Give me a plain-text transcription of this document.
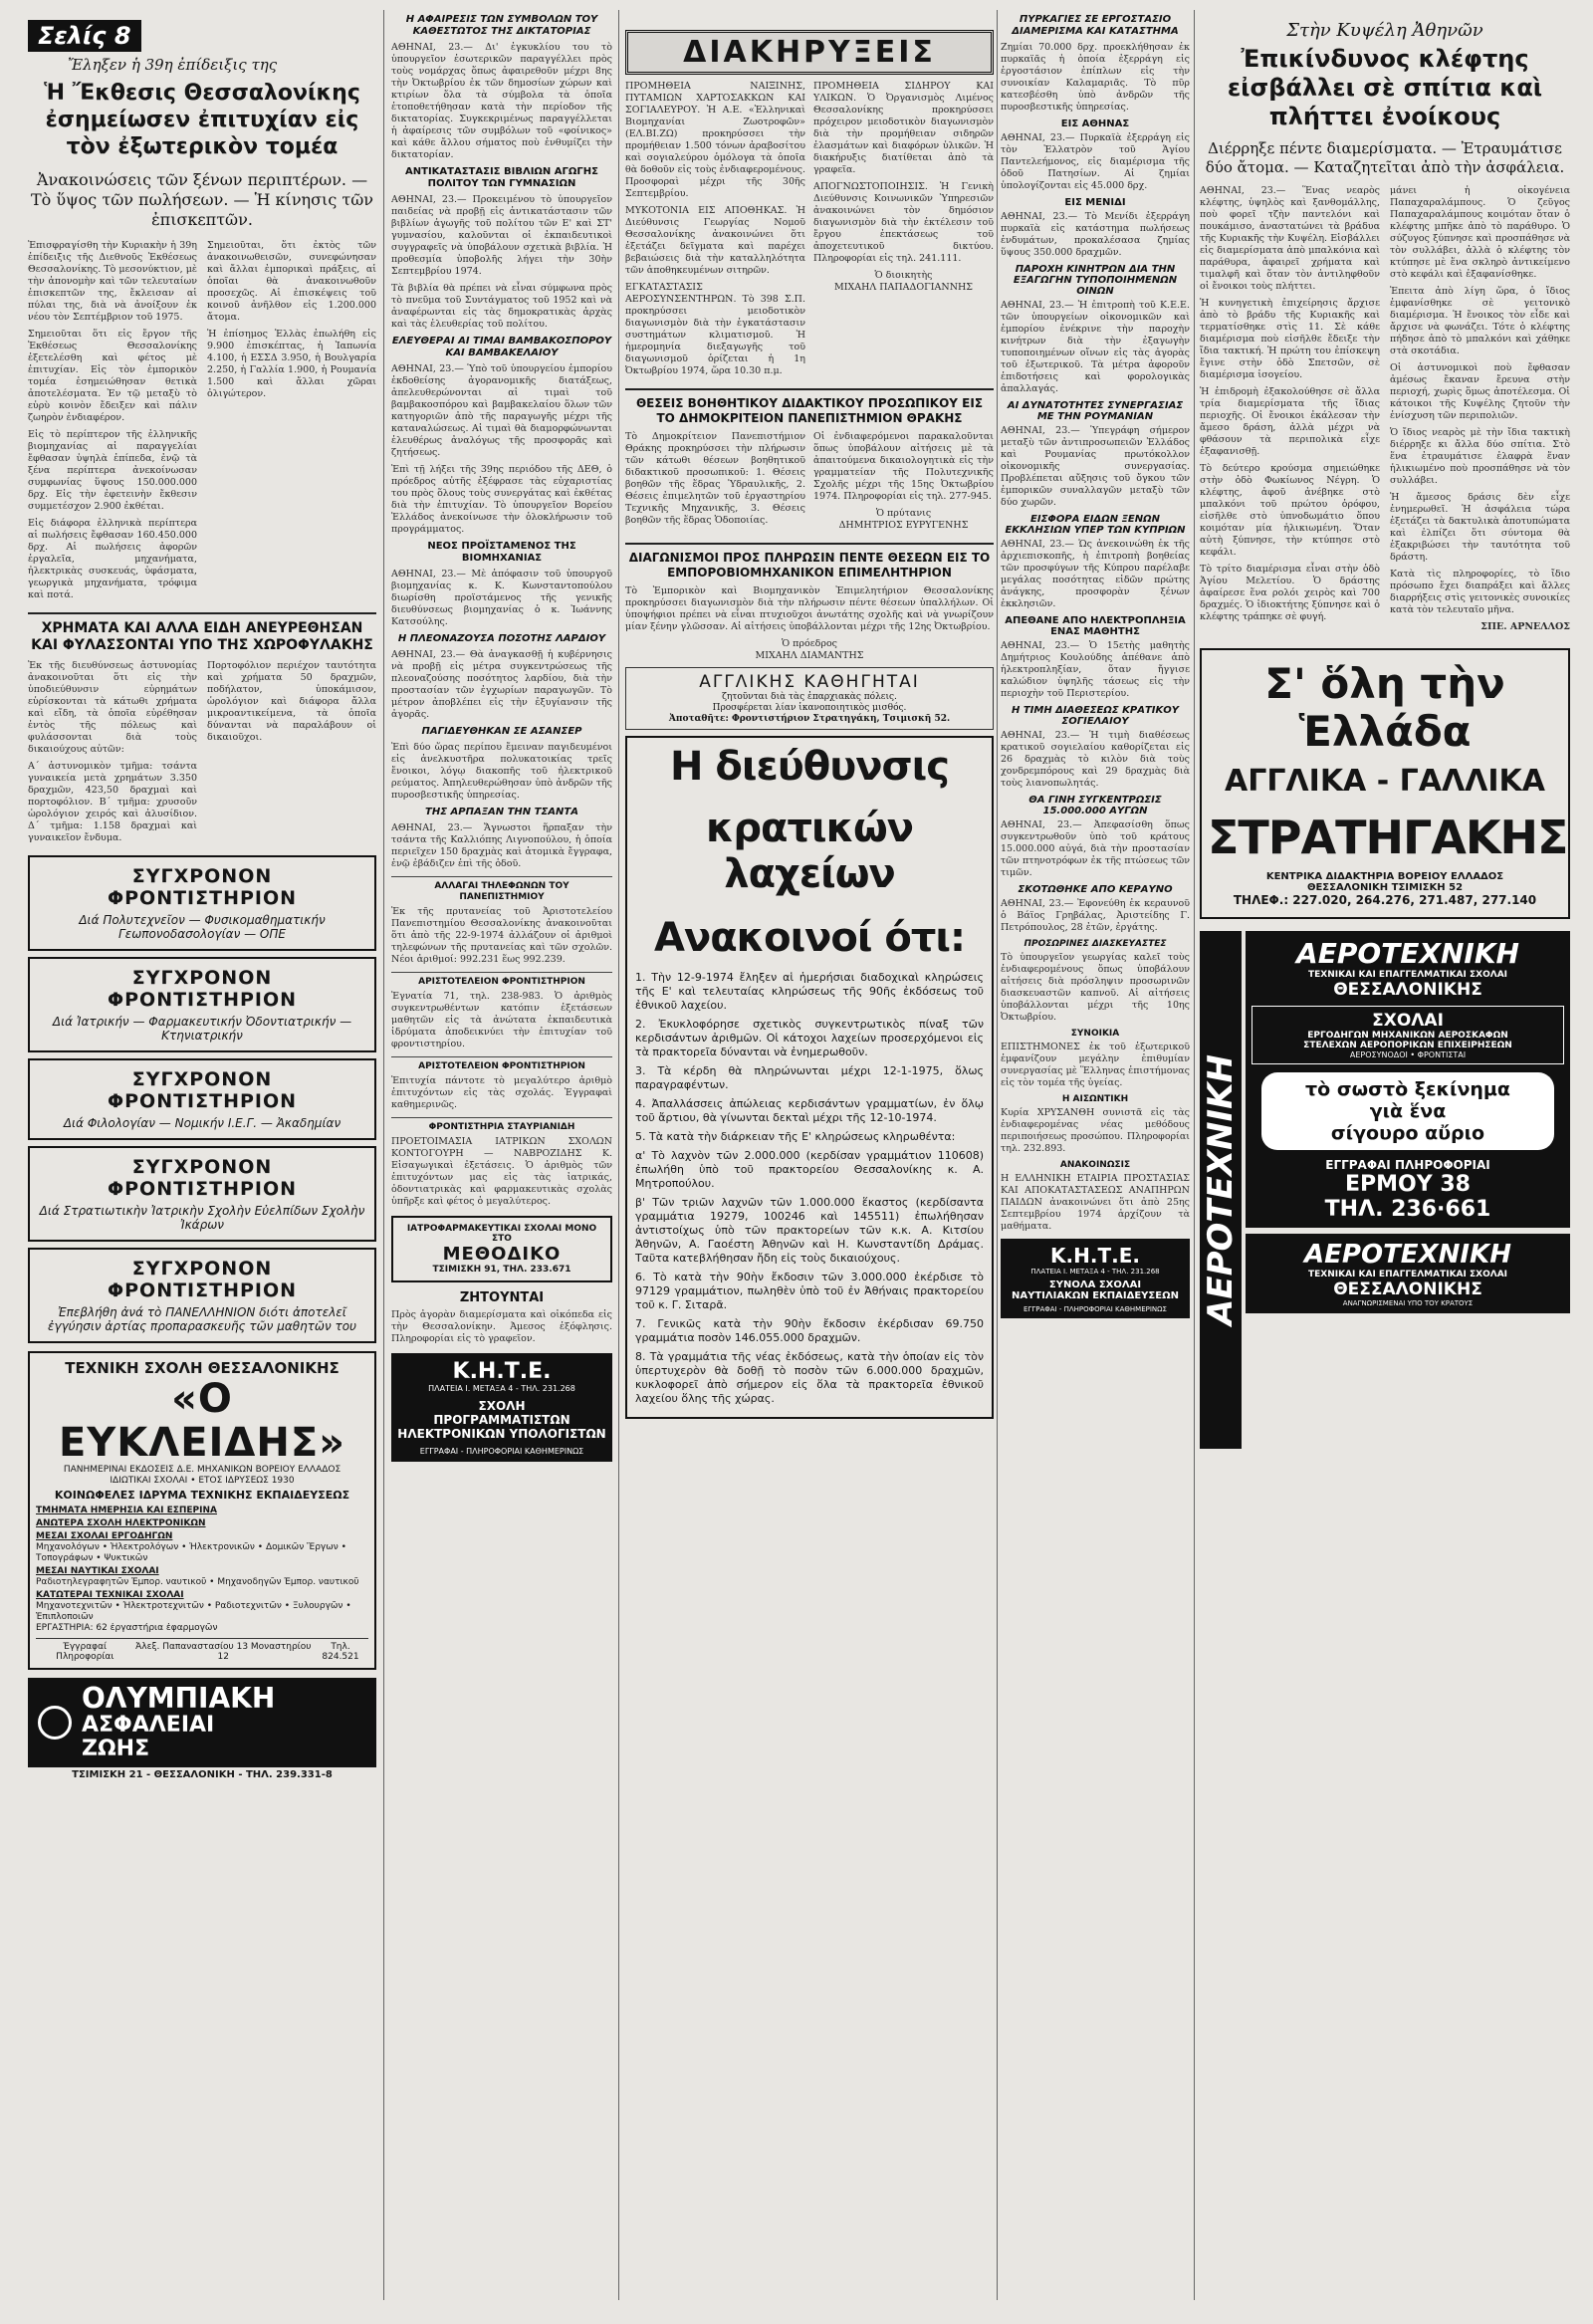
Σελίς 8
Ἔληξεν ἡ 39η ἐπίδειξις της
Ἡ Ἔκθεσις Θεσσαλονίκης ἐσημείωσεν ἐπιτυχίαν εἰς τὸν ἐξωτερικὸν τομέα
Ἀνακοινώσεις τῶν ξένων περιπτέρων. — Τὸ ὕψος τῶν πωλήσεων. — Ἡ κίνησις τῶν ἐπισκεπτῶν.

Ἐπισφραγίσθη τὴν Κυριακὴν ἡ 39η ἐπίδειξις τῆς Διεθνοῦς Ἐκθέσεως Θεσσαλονίκης. Τὸ μεσονύκτιον, μὲ τὴν ἀπονομὴν καὶ τῶν τελευταίων ἐπισκεπτῶν της, ἔκλεισαν αἱ πύλαι της, διὰ νὰ ἀνοίξουν ἐκ νέου τὸν Σεπτέμβριον τοῦ 1975.

Σημειοῦται ὅτι εἰς ἔργον τῆς Ἐκθέσεως Θεσσαλονίκης ἐξετελέσθη καὶ φέτος μὲ ἐπιτυχίαν. Εἰς τὸν ἐμπορικὸν τομέα ἐσημειώθησαν θετικὰ ἀποτελέσματα. Ἐν τῷ μεταξὺ τὸ εὐρὺ κοινὸν ἔδειξεν καὶ πάλιν ζωηρὸν ἐνδιαφέρον.

Εἰς τὸ περίπτερον τῆς ἑλληνικῆς βιομηχανίας αἱ παραγγελίαι ἔφθασαν ὑψηλὰ ἐπίπεδα, ἐνῷ τὰ ξένα περίπτερα ἀνεκοίνωσαν συμφωνίας ὕψους 150.000.000 δρχ. Εἰς τὴν ἐφετεινὴν ἔκθεσιν συμμετέσχον 2.900 ἐκθέται.

Εἰς διάφορα ἑλληνικὰ περίπτερα αἱ πωλήσεις ἔφθασαν 160.450.000 δρχ. Αἱ πωλήσεις ἀφορῶν ἐργαλεῖα, μηχανήματα, ἠλεκτρικὰς συσκευάς, ὑφάσματα, γεωργικὰ μηχανήματα, τρόφιμα καὶ ποτά.

Σημειοῦται, ὅτι ἐκτὸς τῶν ἀνακοινωθεισῶν, συνεφώνησαν καὶ ἄλλαι ἐμπορικαὶ πράξεις, αἱ ὁποῖαι θὰ ἀνακοινωθοῦν προσεχῶς. Αἱ ἐπισκέψεις τοῦ κοινοῦ ἀνῆλθον εἰς 1.200.000 ἄτομα.

Ἡ ἐπίσημος Ἑλλὰς ἐπωλήθη εἰς 9.900 ἐπισκέπτας, ἡ Ἰαπωνία 4.100, ἡ ΕΣΣΔ 3.950, ἡ Βουλγαρία 2.250, ἡ Γαλλία 1.900, ἡ Ρουμανία 1.500 καὶ ἄλλαι χῶραι ὀλιγώτερον.

ΧΡΗΜΑΤΑ ΚΑΙ ΑΛΛΑ ΕΙΔΗ ΑΝΕΥΡΕΘΗΣΑΝ ΚΑΙ ΦΥΛΑΣΣΟΝΤΑΙ ΥΠΟ ΤΗΣ ΧΩΡΟΦΥΛΑΚΗΣ

Ἐκ τῆς διευθύνσεως ἀστυνομίας ἀνακοινοῦται ὅτι εἰς τὴν ὑποδιεύθυνσιν εὑρημάτων εὑρίσκονται τὰ κάτωθι χρήματα καὶ εἴδη, τὰ ὁποῖα εὑρέθησαν ἐντὸς τῆς πόλεως καὶ φυλάσσονται διὰ τοὺς δικαιούχους αὐτῶν:

Α΄ ἀστυνομικὸν τμῆμα: τσάντα γυναικεία μετὰ χρημάτων 3.350 δραχμῶν, 423,50 δραχμαὶ καὶ πορτοφόλιον. Β΄ τμῆμα: χρυσοῦν ὡρολόγιον χειρός καὶ ἀλυσίδιον. Δ΄ τμῆμα: 1.158 δραχμαὶ καὶ γυναικεῖον ἔνδυμα.

Πορτοφόλιον περιέχον ταυτότητα καὶ χρήματα 50 δραχμῶν, ποδήλατον, ὑποκάμισον, ὡρολόγιον καὶ διάφορα ἄλλα μικροαντικείμενα, τὰ ὁποῖα δύνανται νὰ παραλάβουν οἱ δικαιοῦχοι.

ΣΥΓΧΡΟΝΟΝ ΦΡΟΝΤΙΣΤΗΡΙΟΝ
Διά Πολυτεχνεῖον — Φυσικομαθηματικήν Γεωπονοδασολογίαν — ΟΠΕ
ΣΥΓΧΡΟΝΟΝ ΦΡΟΝΤΙΣΤΗΡΙΟΝ
Διά Ἰατρικήν — Φαρμακευτικήν Ὀδοντιατρικήν — Κτηνιατρικήν
ΣΥΓΧΡΟΝΟΝ ΦΡΟΝΤΙΣΤΗΡΙΟΝ
Διά Φιλολογίαν — Νομικήν Ι.Ε.Γ. — Ἀκαδημίαν
ΣΥΓΧΡΟΝΟΝ ΦΡΟΝΤΙΣΤΗΡΙΟΝ
Διά Στρατιωτικὴν Ἰατρικὴν Σχολὴν Εὐελπίδων Σχολὴν Ἰκάρων
ΣΥΓΧΡΟΝΟΝ ΦΡΟΝΤΙΣΤΗΡΙΟΝ
Ἐπεβλήθη ἀνά τὸ ΠΑΝΕΛΛΗΝΙΟΝ διότι ἀποτελεῖ ἐγγύησιν ἀρτίας προπαρασκευῆς τῶν μαθητῶν του
ΤΕΧΝΙΚΗ ΣΧΟΛΗ ΘΕΣΣΑΛΟΝΙΚΗΣ
«Ο ΕΥΚΛΕΙΔΗΣ»
ΠΑΝΗΜΕΡΙΝΑΙ ΕΚΔΟΣΕΙΣ Δ.Ε. ΜΗΧΑΝΙΚΩΝ ΒΟΡΕΙΟΥ ΕΛΛΑΔΟΣ
ΙΔΙΩΤΙΚΑΙ ΣΧΟΛΑΙ • ΕΤΟΣ ΙΔΡΥΣΕΩΣ 1930
ΚΟΙΝΩΦΕΛΕΣ ΙΔΡΥΜΑ ΤΕΧΝΙΚΗΣ ΕΚΠΑΙΔΕΥΣΕΩΣ
ΤΜΗΜΑΤΑ ΗΜΕΡΗΣΙΑ ΚΑΙ ΕΣΠΕΡΙΝΑ
ΑΝΩΤΕΡΑ ΣΧΟΛΗ ΗΛΕΚΤΡΟΝΙΚΩΝ
ΜΕΣΑΙ ΣΧΟΛΑΙ ΕΡΓΟΔΗΓΩΝ
Μηχανολόγων • Ἠλεκτρολόγων • Ἠλεκτρονικῶν • Δομικῶν Ἔργων • Τοπογράφων • Ψυκτικῶν
ΜΕΣΑΙ ΝΑΥΤΙΚΑΙ ΣΧΟΛΑΙ
Ραδιοτηλεγραφητῶν Ἐμπορ. ναυτικοῦ • Μηχανοδηγῶν Ἐμπορ. ναυτικοῦ
ΚΑΤΩΤΕΡΑΙ ΤΕΧΝΙΚΑΙ ΣΧΟΛΑΙ
Μηχανοτεχνιτῶν • Ἠλεκτροτεχνιτῶν • Ραδιοτεχνιτῶν • Ξυλουργῶν • Ἐπιπλοποιῶν
ΕΡΓΑΣΤΗΡΙΑ: 62 ἐργαστήρια ἐφαρμογῶν
Ἐγγραφαί Πληροφορίαι
Ἀλεξ. Παπαναστασίου 13 Μοναστηρίου 12
Τηλ. 824.521
ΟΛΥΜΠΙΑΚΗ
ΑΣΦΑΛΕΙΑΙ
ΖΩΗΣ
ΤΣΙΜΙΣΚΗ 21 - ΘΕΣΣΑΛΟΝΙΚΗ - ΤΗΛ. 239.331-8
Η ΑΦΑΙΡΕΣΙΣ ΤΩΝ ΣΥΜΒΟΛΩΝ ΤΟΥ ΚΑΘΕΣΤΩΤΟΣ ΤΗΣ ΔΙΚΤΑΤΟΡΙΑΣ

ΑΘΗΝΑΙ, 23.— Δι' ἐγκυκλίου του τὸ ὑπουργεῖον ἐσωτερικῶν παραγγέλλει πρὸς τοὺς νομάρχας ὅπως ἀφαιρεθοῦν μέχρι 8ης τὴν Ὀκτωβρίου ἐκ τῶν δημοσίων χώρων καὶ κτιρίων ὅλα τὰ σύμβολα τὰ ὁποῖα ἐτοποθετήθησαν κατὰ τὴν περίοδον τῆς δικτατορίας. Συγκεκριμένως παραγγέλλεται ἡ ἀφαίρεσις τῶν συμβόλων τοῦ «φοίνικος» καὶ κάθε ἄλλου σήματος ποὺ ἐνθυμίζει τὴν δικτατορίαν.

ΑΝΤΙΚΑΤΑΣΤΑΣΙΣ ΒΙΒΛΙΩΝ ΑΓΩΓΗΣ ΠΟΛΙΤΟΥ ΤΩΝ ΓΥΜΝΑΣΙΩΝ

ΑΘΗΝΑΙ, 23.— Προκειμένου τὸ ὑπουργεῖον παιδείας νὰ προβῇ εἰς ἀντικατάστασιν τῶν βιβλίων ἀγωγῆς τοῦ πολίτου τῶν Ε' καὶ ΣΤ' γυμνασίου, καλοῦνται οἱ ἐκπαιδευτικοὶ συγγραφεῖς νὰ ὑποβάλουν σχετικὰ βιβλία. Ἡ προθεσμία ὑποβολῆς λήγει τὴν 30ὴν Σεπτεμβρίου 1974.

Τὰ βιβλία θὰ πρέπει νὰ εἶναι σύμφωνα πρὸς τὸ πνεῦμα τοῦ Συντάγματος τοῦ 1952 καὶ νὰ ἀναφέρωνται εἰς τὰς δημοκρατικὰς ἀρχὰς καὶ τὰς ἐλευθερίας τοῦ πολίτου.

ΕΛΕΥΘΕΡΑΙ ΑΙ ΤΙΜΑΙ ΒΑΜΒΑΚΟΣΠΟΡΟΥ ΚΑΙ ΒΑΜΒΑΚΕΛΑΙΟΥ

ΑΘΗΝΑΙ, 23.— Ὑπὸ τοῦ ὑπουργείου ἐμπορίου ἐκδοθείσης ἀγορανομικῆς διατάξεως, ἀπελευθερώνονται αἱ τιμαὶ τοῦ βαμβακοσπόρου καὶ βαμβακελαίου ὅλων τῶν κατηγοριῶν ἀπὸ τῆς παραγωγῆς μέχρι τῆς καταναλώσεως. Αἱ τιμαὶ θὰ διαμορφώνωνται ἐλευθέρως ἀναλόγως τῆς προσφορᾶς καὶ ζητήσεως.

Ἐπὶ τῇ λήξει τῆς 39ης περιόδου τῆς ΔΕΘ, ὁ πρόεδρος αὐτῆς ἐξέφρασε τὰς εὐχαριστίας του πρὸς ὅλους τοὺς συνεργάτας καὶ ἐκθέτας διὰ τὴν ἐπιτυχίαν. Τὸ ὑπουργεῖον Βορείου Ἑλλάδος ἀνεκοίνωσε τὴν ὁλοκλήρωσιν τοῦ προγράμματος.

ΝΕΟΣ ΠΡΟΪΣΤΑΜΕΝΟΣ ΤΗΣ ΒΙΟΜΗΧΑΝΙΑΣ

ΑΘΗΝΑΙ, 23.— Μὲ ἀπόφασιν τοῦ ὑπουργοῦ βιομηχανίας κ. Κ. Κωνσταντοπούλου διωρίσθη προϊστάμενος τῆς γενικῆς διευθύνσεως βιομηχανίας ὁ κ. Ἰωάννης Κατσούλης.

Η ΠΛΕΟΝΑΖΟΥΣΑ ΠΟΣΟΤΗΣ ΛΑΡΔΙΟΥ

ΑΘΗΝΑΙ, 23.— Θὰ ἀναγκασθῇ ἡ κυβέρνησις νὰ προβῇ εἰς μέτρα συγκεντρώσεως τῆς πλεοναζούσης ποσότητος λαρδίου, διὰ τὴν προστασίαν τῶν ἐγχωρίων παραγωγῶν. Τὸ μέτρον ἀποβλέπει εἰς τὴν ἐξυγίανσιν τῆς ἀγορᾶς.

ΠΑΓΙΔΕΥΘΗΚΑΝ ΣΕ ΑΣΑΝΣΕΡ

Ἐπὶ δύο ὥρας περίπου ἔμειναν παγιδευμένοι εἰς ἀνελκυστῆρα πολυκατοικίας τρεῖς ἔνοικοι, λόγῳ διακοπῆς τοῦ ἠλεκτρικοῦ ρεύματος. Ἀπηλευθερώθησαν ὑπὸ ἀνδρῶν τῆς πυροσβεστικῆς ὑπηρεσίας.

ΤΗΣ ΑΡΠΑΞΑΝ ΤΗΝ ΤΣΑΝΤΑ

ΑΘΗΝΑΙ, 23.— Ἄγνωστοι ἥρπαξαν τὴν τσάντα τῆς Καλλιόπης Λιγνοπούλου, ἡ ὁποία περιεῖχεν 150 δραχμὰς καὶ ἀτομικὰ ἔγγραφα, ἐνῷ ἐβάδιζεν ἐπὶ τῆς ὁδοῦ.

ΑΛΛΑΓΑΙ ΤΗΛΕΦΩΝΩΝ ΤΟΥ ΠΑΝΕΠΙΣΤΗΜΙΟΥ

Ἐκ τῆς πρυτανείας τοῦ Ἀριστοτελείου Πανεπιστημίου Θεσσαλονίκης ἀνακοινοῦται ὅτι ἀπὸ τῆς 22-9-1974 ἀλλάζουν οἱ ἀριθμοὶ τηλεφώνων τῆς πρυτανείας καὶ τῶν σχολῶν. Νέοι ἀριθμοί: 992.231 ἕως 992.239.

ΑΡΙΣΤΟΤΕΛΕΙΟΝ ΦΡΟΝΤΙΣΤΗΡΙΟΝ

Ἐγνατία 71, τηλ. 238-983. Ὁ ἀριθμὸς συγκεντρωθέντων κατόπιν ἐξετάσεων μαθητῶν εἰς τὰ ἀνώτατα ἐκπαιδευτικὰ ἱδρύματα ἀποδεικνύει τὴν ἐπιτυχίαν τοῦ φροντιστηρίου.

ΑΡΙΣΤΟΤΕΛΕΙΟΝ ΦΡΟΝΤΙΣΤΗΡΙΟΝ

Ἐπιτυχία πάντοτε τὸ μεγαλύτερο ἀριθμὸ ἐπιτυχόντων εἰς τὰς σχολάς. Ἐγγραφαὶ καθημερινῶς.

ΦΡΟΝΤΙΣΤΗΡΙΑ ΣΤΑΥΡΙΑΝΙΔΗ

ΠΡΟΕΤΟΙΜΑΣΙΑ ΙΑΤΡΙΚΩΝ ΣΧΟΛΩΝ ΚΟΝΤΟΓΟΥΡΗ — ΝΑΒΡΟΖΙΔΗΣ Κ. Εἰσαγωγικαὶ ἐξετάσεις. Ὁ ἀριθμὸς τῶν ἐπιτυχόντων μας εἰς τὰς ἰατρικάς, ὀδοντιατρικὰς καὶ φαρμακευτικὰς σχολὰς ὑπῆρξε καὶ φέτος ὁ μεγαλύτερος.

ΙΑΤΡΟΦΑΡΜΑΚΕΥΤΙΚΑΙ ΣΧΟΛΑΙ ΜΟΝΟ ΣΤΟ
ΜΕΘΟΔΙΚΟ
ΤΣΙΜΙΣΚΗ 91, ΤΗΛ. 233.671
ΖΗΤΟΥΝΤΑΙ

Πρὸς ἀγορὰν διαμερίσματα καὶ οἰκόπεδα εἰς τὴν Θεσσαλονίκην. Ἀμεσος ἐξόφλησις. Πληροφορίαι εἰς τὸ γραφεῖον.

Κ.Η.Τ.Ε.
ΠΛΑΤΕΙΑ Ι. ΜΕΤΑΞΑ 4 - ΤΗΛ. 231.268
ΣΧΟΛΗ
ΠΡΟΓΡΑΜΜΑΤΙΣΤΩΝ ΗΛΕΚΤΡΟΝΙΚΩΝ ΥΠΟΛΟΓΙΣΤΩΝ
ΕΓΓΡΑΦΑΙ - ΠΛΗΡΟΦΟΡΙΑΙ ΚΑΘΗΜΕΡΙΝΩΣ
ΔΙΑΚΗΡΥΞΕΙΣ

ΠΡΟΜΗΘΕΙΑ ΝΑΙΞΙΝΗΣ, ΠΥΤΑΜΙΩΝ ΧΑΡΤΟΣΑΚΚΩΝ ΚΑΙ ΣΟΓΙΑΛΕΥΡΟΥ. Ἡ Α.Ε. «Ἑλληνικαὶ Βιομηχανίαι Ζωοτροφῶν» (ΕΛ.ΒΙ.ΖΩ) προκηρύσσει τὴν προμήθειαν 1.500 τόνων ἀραβοσίτου καὶ σογιαλεύρου ὁμόλογα τὰ ὁποῖα θὰ δοθοῦν εἰς τοὺς ἐνδιαφερομένους. Προσφοραὶ μέχρι τῆς 30ῆς Σεπτεμβρίου.

ΜΥΚΟΤΟΝΙΑ ΕΙΣ ΑΠΟΘΗΚΑΣ. Ἡ Διεύθυνσις Γεωργίας Νομοῦ Θεσσαλονίκης ἀνακοινώνει ὅτι ἐξετάζει δεῖγματα καὶ παρέχει βεβαιώσεις διὰ τὴν καταλληλότητα τῶν ἀποθηκευμένων σιτηρῶν.

ΕΓΚΑΤΑΣΤΑΣΙΣ ΑΕΡΟΣΥΝΣΕΝΤΗΡΩΝ. Τὸ 398 Σ.Π. προκηρύσσει μειοδοτικὸν διαγωνισμὸν διὰ τὴν ἐγκατάστασιν συστημάτων κλιματισμοῦ. Ἡ ἡμερομηνία διεξαγωγῆς τοῦ διαγωνισμοῦ ὁρίζεται ἡ 1η Ὀκτωβρίου 1974, ὥρα 10.30 π.μ.

ΠΡΟΜΗΘΕΙΑ ΣΙΔΗΡΟΥ ΚΑΙ ΥΛΙΚΩΝ. Ὁ Ὀργανισμὸς Λιμένος Θεσσαλονίκης προκηρύσσει πρόχειρον μειοδοτικὸν διαγωνισμὸν διὰ τὴν προμήθειαν σιδηρῶν ἐλασμάτων καὶ διαφόρων ὑλικῶν. Ἡ διακήρυξις διατίθεται ἀπὸ τὰ γραφεῖα.

ΑΠΟΓΝΩΣΤΟΠΟΙΗΣΙΣ. Ἡ Γενικὴ Διεύθυνσις Κοινωνικῶν Ὑπηρεσιῶν ἀνακοινώνει τὸν δημόσιον διαγωνισμὸν διὰ τὴν ἐκτέλεσιν τοῦ ἔργου ἐπεκτάσεως τοῦ ἀποχετευτικοῦ δικτύου. Πληροφορίαι εἰς τηλ. 241.111.

Ὁ διοικητὴς
ΜΙΧΑΗΛ ΠΑΠΑΔΟΓΙΑΝΝΗΣ
ΘΕΣΕΙΣ ΒΟΗΘΗΤΙΚΟΥ ΔΙΔΑΚΤΙΚΟΥ ΠΡΟΣΩΠΙΚΟΥ ΕΙΣ ΤΟ ΔΗΜΟΚΡΙΤΕΙΟΝ ΠΑΝΕΠΙΣΤΗΜΙΟΝ ΘΡΑΚΗΣ

Τὸ Δημοκρίτειον Πανεπιστήμιον Θράκης προκηρύσσει τὴν πλήρωσιν τῶν κάτωθι θέσεων βοηθητικοῦ διδακτικοῦ προσωπικοῦ: 1. Θέσεις βοηθῶν τῆς ἕδρας Ὑδραυλικῆς, 2. Θέσεις ἐπιμελητῶν τοῦ ἐργαστηρίου Τεχνικῆς Μηχανικῆς, 3. Θέσεις βοηθῶν τῆς ἕδρας Ὁδοποιίας.

Οἱ ἐνδιαφερόμενοι παρακαλοῦνται ὅπως ὑποβάλουν αἰτήσεις μὲ τὰ ἀπαιτούμενα δικαιολογητικὰ εἰς τὴν γραμματείαν τῆς Πολυτεχνικῆς Σχολῆς μέχρι τῆς 15ης Ὀκτωβρίου 1974. Πληροφορίαι εἰς τηλ. 277-945.

Ὁ πρύτανις
ΔΗΜΗΤΡΙΟΣ ΕΥΡΥΓΕΝΗΣ
ΔΙΑΓΩΝΙΣΜΟΙ ΠΡΟΣ ΠΛΗΡΩΣΙΝ ΠΕΝΤΕ ΘΕΣΕΩΝ ΕΙΣ ΤΟ ΕΜΠΟΡΟΒΙΟΜΗΧΑΝΙΚΟΝ ΕΠΙΜΕΛΗΤΗΡΙΟΝ

Τὸ Ἐμπορικὸν καὶ Βιομηχανικὸν Ἐπιμελητήριον Θεσσαλονίκης προκηρύσσει διαγωνισμὸν διὰ τὴν πλήρωσιν πέντε θέσεων ὑπαλλήλων. Οἱ ὑποψήφιοι πρέπει νὰ εἶναι πτυχιοῦχοι ἀνωτάτης σχολῆς καὶ νὰ γνωρίζουν μίαν ξένην γλῶσσαν. Αἱ αἰτήσεις ὑποβάλλονται μέχρι τῆς 12ης Ὀκτωβρίου.

Ὁ πρόεδρος
ΜΙΧΑΗΛ ΔΙΑΜΑΝΤΗΣ
ΑΓΓΛΙΚΗΣ ΚΑΘΗΓΗΤΑΙ
ζητοῦνται διὰ τὰς ἐπαρχιακὰς πόλεις.
Προσφέρεται λίαν ἱκανοποιητικὸς μισθός.
Ἀποταθῆτε: Φροντιστήριον Στρατηγάκη, Τσιμισκῆ 52.
Η διεύθυνσις
κρατικών λαχείων
Ανακοινοί ότι:

1. Τὴν 12-9-1974 ἔληξεν αἱ ἡμερήσιαι διαδοχικαὶ κληρώσεις τῆς Ε' καὶ τελευταίας κληρώσεως τῆς 90ῆς ἐκδόσεως τοῦ ἐθνικοῦ λαχείου.

2. Ἐκυκλοφόρησε σχετικὸς συγκεντρωτικὸς πίναξ τῶν κερδισάντων ἀριθμῶν. Οἱ κάτοχοι λαχείων προσερχόμενοι εἰς τὰ πρακτορεῖα δύνανται νὰ ἐνημερωθοῦν.

3. Τὰ κέρδη θὰ πληρώνωνται μέχρι 12-1-1975, ὅλως παραγραφέντων.

4. Ἀπαλλάσσεις ἀπώλειας κερδισάντων γραμματίων, ἐν ὅλῳ τοῦ ἄρτιου, θὰ γίνωνται δεκταὶ μέχρι τῆς 12-10-1974.

5. Τὰ κατὰ τὴν διάρκειαν τῆς Ε' κληρώσεως κληρωθέντα:

α' Τὸ λαχνὸν τῶν 2.000.000 (κερδίσαν γραμμάτιον 110608) ἐπωλήθη ὑπὸ τοῦ πρακτορείου Θεσσαλονίκης κ. Α. Μητροπούλου.

β' Τῶν τριῶν λαχνῶν τῶν 1.000.000 ἕκαστος (κερδίσαντα γραμμάτια 19279, 100246 καὶ 145511) ἐπωλήθησαν ἀντιστοίχως ὑπὸ τῶν πρακτορείων τῶν κ.κ. Α. Κιτσίου Ἀθηνῶν, Α. Γαοέστη Ἀθηνῶν καὶ Η. Κωνσταντίδη Δράμας. Ταῦτα κατεβλήθησαν ἤδη εἰς τοὺς δικαιούχους.

6. Τὸ κατὰ τὴν 90ὴν ἔκδοσιν τῶν 3.000.000 ἐκέρδισε τὸ 97129 γραμμάτιον, πωληθὲν ὑπὸ τοῦ ἐν Ἀθήναις πρακτορείου τοῦ κ. Γ. Σιταρᾶ.

7. Γενικῶς κατὰ τὴν 90ὴν ἔκδοσιν ἐκέρδισαν 69.750 γραμμάτια ποσὸν 146.055.000 δραχμῶν.

8. Τὰ γραμμάτια τῆς νέας ἐκδόσεως, κατὰ τὴν ὁποίαν εἰς τὸν ὑπερτυχερὸν θὰ δοθῇ τὸ ποσὸν τῶν 6.000.000 δραχμῶν, κυκλοφορεῖ ἀπὸ σήμερον εἰς ὅλα τὰ πρακτορεῖα ἐθνικοῦ λαχείου ὅλης τῆς χώρας.

ΠΥΡΚΑΓΙΕΣ ΣΕ ΕΡΓΟΣΤΑΣΙΟ ΔΙΑΜΕΡΙΣΜΑ ΚΑΙ ΚΑΤΑΣΤΗΜΑ

Ζημίαι 70.000 δρχ. προεκλήθησαν ἐκ πυρκαϊᾶς ἡ ὁποία ἐξερράγη εἰς ἐργοστάσιον ἐπίπλων εἰς τὴν συνοικίαν Καλαμαριᾶς. Τὸ πῦρ κατεσβέσθη ὑπὸ ἀνδρῶν τῆς πυροσβεστικῆς ὑπηρεσίας.

ΕΙΣ ΑΘΗΝΑΣ

ΑΘΗΝΑΙ, 23.— Πυρκαϊὰ ἐξερράγη εἰς τὸν Ἐλλατρὸν τοῦ Ἁγίου Παντελεήμονος, εἰς διαμέρισμα τῆς ὁδοῦ Πατησίων. Αἱ ζημίαι ὑπολογίζονται εἰς 45.000 δρχ.

ΕΙΣ ΜΕΝΙΔΙ

ΑΘΗΝΑΙ, 23.— Τὸ Μενίδι ἐξερράγη πυρκαϊὰ εἰς κατάστημα πωλήσεως ἐνδυμάτων, προκαλέσασα ζημίας ὕψους 350.000 δραχμῶν.

ΠΑΡΟΧΗ ΚΙΝΗΤΡΩΝ ΔΙΑ ΤΗΝ ΕΞΑΓΩΓΗΝ ΤΥΠΟΠΟΙΗΜΕΝΩΝ ΟΙΝΩΝ

ΑΘΗΝΑΙ, 23.— Ἡ ἐπιτροπὴ τοῦ Κ.Ε.Ε. τῶν ὑπουργείων οἰκονομικῶν καὶ ἐμπορίου ἐνέκρινε τὴν παροχὴν κινήτρων διὰ τὴν ἐξαγωγὴν τυποποιημένων οἴνων εἰς τὰς ἀγορὰς τοῦ ἐξωτερικοῦ. Τὰ μέτρα ἀφοροῦν ἐπιδοτήσεις καὶ φορολογικὰς ἀπαλλαγάς.

ΑΙ ΔΥΝΑΤΟΤΗΤΕΣ ΣΥΝΕΡΓΑΣΙΑΣ ΜΕ ΤΗΝ ΡΟΥΜΑΝΙΑΝ

ΑΘΗΝΑΙ, 23.— Ὑπεγράφη σήμερον μεταξὺ τῶν ἀντιπροσωπειῶν Ἑλλάδος καὶ Ρουμανίας πρωτόκολλον οἰκονομικῆς συνεργασίας. Προβλέπεται αὔξησις τοῦ ὄγκου τῶν ἐμπορικῶν συναλλαγῶν μεταξὺ τῶν δύο χωρῶν.

ΕΙΣΦΟΡΑ ΕΙΔΩΝ ΞΕΝΩΝ ΕΚΚΛΗΣΙΩΝ ΥΠΕΡ ΤΩΝ ΚΥΠΡΙΩΝ

ΑΘΗΝΑΙ, 23.— Ὡς ἀνεκοινώθη ἐκ τῆς ἀρχιεπισκοπῆς, ἡ ἐπιτροπὴ βοηθείας τῶν προσφύγων τῆς Κύπρου παρέλαβε μεγάλας ποσότητας εἰδῶν πρώτης ἀνάγκης, προσφορὰν ξένων ἐκκλησιῶν.

ΑΠΕΘΑΝΕ ΑΠΟ ΗΛΕΚΤΡΟΠΛΗΞΙΑ ΕΝΑΣ ΜΑΘΗΤΗΣ

ΑΘΗΝΑΙ, 23.— Ὁ 15ετὴς μαθητὴς Δημήτριος Κουλούδης ἀπέθανε ἀπὸ ἡλεκτροπληξίαν, ὅταν ἤγγισε καλώδιον ὑψηλῆς τάσεως εἰς τὴν περιοχὴν τοῦ Περιστερίου.

Η ΤΙΜΗ ΔΙΑΘΕΣΕΩΣ ΚΡΑΤΙΚΟΥ ΣΟΓΙΕΛΑΙΟΥ

ΑΘΗΝΑΙ, 23.— Ἡ τιμὴ διαθέσεως κρατικοῦ σογιελαίου καθορίζεται εἰς 26 δραχμὰς τὸ κιλὸν διὰ τοὺς χονδρεμπόρους καὶ 29 δραχμὰς διὰ τοὺς λιανοπωλητάς.

ΘΑ ΓΙΝΗ ΣΥΓΚΕΝΤΡΩΣΙΣ 15.000.000 ΑΥΓΩΝ

ΑΘΗΝΑΙ, 23.— Ἀπεφασίσθη ὅπως συγκεντρωθοῦν ὑπὸ τοῦ κράτους 15.000.000 αὐγά, διὰ τὴν προστασίαν τῶν πτηνοτρόφων ἐκ τῆς πτώσεως τῶν τιμῶν.

ΣΚΟΤΩΘΗΚΕ ΑΠΟ ΚΕΡΑΥΝΟ

ΑΘΗΝΑΙ, 23.— Ἐφονεύθη ἐκ κεραυνοῦ ὁ Βάϊος Γρηβάλας, Ἀριστείδης Γ. Πετρόπουλος, 28 ἐτῶν, ἐργάτης.

ΠΡΟΣΩΡΙΝΕΣ ΔΙΑΣΚΕΥΑΣΤΕΣ

Τὸ ὑπουργεῖον γεωργίας καλεῖ τοὺς ἐνδιαφερομένους ὅπως ὑποβάλουν αἰτήσεις διὰ πρόσληψιν προσωρινῶν διασκευαστῶν καπνοῦ. Αἱ αἰτήσεις ὑποβάλλονται μέχρι τῆς 10ης Ὀκτωβρίου.

ΣΥΝΟΙΚΙΑ

ΕΠΙΣΤΗΜΟΝΕΣ ἐκ τοῦ ἐξωτερικοῦ ἐμφανίζουν μεγάλην ἐπιθυμίαν συνεργασίας μὲ Ἕλληνας ἐπιστήμονας εἰς τὸν τομέα τῆς ὑγείας.

Η ΑΙΣΩΝΤΙΚΗ

Κυρία ΧΡΥΣΑΝΘΗ συνιστᾶ εἰς τὰς ἐνδιαφερομένας νέας μεθόδους περιποιήσεως προσώπου. Πληροφορίαι τηλ. 232.893.

ΑΝΑΚΟΙΝΩΣΙΣ

Η ΕΛΛΗΝΙΚΗ ΕΤΑΙΡΙΑ ΠΡΟΣΤΑΣΙΑΣ ΚΑΙ ΑΠΟΚΑΤΑΣΤΑΣΕΩΣ ΑΝΑΠΗΡΩΝ ΠΑΙΔΩΝ ἀνακοινώνει ὅτι ἀπὸ 25ης Σεπτεμβρίου 1974 ἀρχίζουν τὰ μαθήματα.

Κ.Η.Τ.Ε.
ΠΛΑΤΕΙΑ Ι. ΜΕΤΑΞΑ 4 - ΤΗΛ. 231.268
ΣΥΝΟΛΑ ΣΧΟΛΑΙ
ΝΑΥΤΙΛΙΑΚΩΝ ΕΚΠΑΙΔΕΥΣΕΩΝ
ΕΓΓΡΑΦΑΙ - ΠΛΗΡΟΦΟΡΙΑΙ ΚΑΘΗΜΕΡΙΝΩΣ
Στὴν Κυψέλη Ἀθηνῶν
Ἐπικίνδυνος κλέφτης εἰσβάλλει σὲ σπίτια καὶ πλήττει ἐνοίκους
Διέρρηξε πέντε διαμερίσματα. — Ἐτραυμάτισε δύο ἄτομα. — Καταζητεῖται ἀπὸ τὴν ἀσφάλεια.

ΑΘΗΝΑΙ, 23.— Ἕνας νεαρὸς κλέφτης, ὑψηλὸς καὶ ξανθομάλλης, ποὺ φορεῖ τζὴν παντελόνι καὶ πουκάμισο, ἀναστατώνει τὰ βράδυα τῆς Κυριακῆς τὴν Κυψέλη. Εἰσβάλλει εἰς διαμερίσματα ἀπὸ μπαλκόνια καὶ παράθυρα, ἀφαιρεῖ χρήματα καὶ τιμαλφῆ καὶ ὅταν τὸν ἀντιληφθοῦν οἱ ἔνοικοι τοὺς πλήττει.

Ἡ κυνηγετικὴ ἐπιχείρησις ἄρχισε ἀπὸ τὸ βράδυ τῆς Κυριακῆς καὶ τερματίσθηκε στὶς 11. Σὲ κάθε διαμέρισμα ποὺ εἰσῆλθε ἔδειξε τὴν ἴδια τακτική. Ἡ πρώτη του ἐπίσκεψη ἔγινε στὴν ὁδὸ Σπετσῶν, σὲ διαμέρισμα ἰσογείου.

Ἡ ἐπιδρομὴ ἐξακολούθησε σὲ ἄλλα τρία διαμερίσματα τῆς ἴδιας περιοχῆς. Οἱ ἔνοικοι ἐκάλεσαν τὴν ἄμεσο δράση, ἀλλὰ μέχρι νὰ φθάσουν τὰ περιπολικὰ εἶχε ἐξαφανισθῇ.

Τὸ δεύτερο κρούσμα σημειώθηκε στὴν ὁδὸ Φωκίωνος Νέγρη. Ὁ κλέφτης, ἀφοῦ ἀνέβηκε στὸ μπαλκόνι τοῦ πρώτου ὀρόφου, εἰσῆλθε στὸ ὑπνοδωμάτιο ὅπου κοιμόταν μία ἡλικιωμένη. Ὅταν αὐτὴ ξύπνησε, τὴν κτύπησε στὸ κεφάλι.

Τὸ τρίτο διαμέρισμα εἶναι στὴν ὁδὸ Ἀγίου Μελετίου. Ὁ δράστης ἀφαίρεσε ἕνα ρολόι χειρὸς καὶ 700 δραχμές. Ὁ ἰδιοκτήτης ξύπνησε καὶ ὁ κλέφτης τράπηκε σὲ φυγή.

μάνει ἡ οἰκογένεια Παπαχαραλάμπους. Ὁ ζεῦγος Παπαχαραλάμπους κοιμόταν ὅταν ὁ κλέφτης μπῆκε ἀπὸ τὸ παράθυρο. Ὁ σύζυγος ξύπνησε καὶ προσπάθησε νὰ τὸν συλλάβει, ἀλλὰ ὁ κλέφτης τὸν κτύπησε μὲ ἕνα σκληρὸ ἀντικείμενο στὸ κεφάλι καὶ ἐξαφανίσθηκε.

Ἐπειτα ἀπὸ λίγη ὥρα, ὁ ἴδιος ἐμφανίσθηκε σὲ γειτονικὸ διαμέρισμα. Ἡ ἔνοικος τὸν εἶδε καὶ ἄρχισε νὰ φωνάζει. Τότε ὁ κλέφτης πήδησε ἀπὸ τὸ μπαλκόνι καὶ χάθηκε στὰ σκοτάδια.

Οἱ ἀστυνομικοὶ ποὺ ἔφθασαν ἀμέσως ἔκαναν ἔρευνα στὴν περιοχή, χωρὶς ὅμως ἀποτέλεσμα. Οἱ κάτοικοι τῆς Κυψέλης ζητοῦν τὴν ἐνίσχυση τῶν περιπολιῶν.

Ὁ ἴδιος νεαρὸς μὲ τὴν ἴδια τακτικὴ διέρρηξε κι ἄλλα δύο σπίτια. Στὸ ἕνα ἐτραυμάτισε ἐλαφρὰ ἕναν ἡλικιωμένο ποὺ προσπάθησε νὰ τὸν συλλάβει.

Ἡ ἄμεσος δράσις δὲν εἶχε ἐνημερωθεῖ. Ἡ ἀσφάλεια τώρα ἐξετάζει τὰ δακτυλικὰ ἀποτυπώματα καὶ ἐλπίζει ὅτι σύντομα θὰ ἐξακριβώσει τὴν ταυτότητα τοῦ δράστη.

Κατὰ τὶς πληροφορίες, τὸ ἴδιο πρόσωπο ἔχει διαπράξει καὶ ἄλλες διαρρήξεις στὶς γειτονικὲς συνοικίες κατὰ τὸν τελευταῖο μῆνα.

ΣΠΕ. ΑΡΝΕΛΛΟΣ
Σ' ὅλη τὴν
Ἑλλάδα
ΑΓΓΛΙΚΑ - ΓΑΛΛΙΚΑ
ΣΤΡΑΤΗΓΑΚΗΣ
ΚΕΝΤΡΙΚΑ ΔΙΔΑΚΤΗΡΙΑ ΒΟΡΕΙΟΥ ΕΛΛΑΔΟΣ
ΘΕΣΣΑΛΟΝΙΚΗ ΤΣΙΜΙΣΚΗ 52
ΤΗΛΕΦ.: 227.020, 264.276, 271.487, 277.140
ΑΕΡΟΤΕΧΝΙΚΗ
ΑΕΡΟΤΕΧΝΙΚΗ
ΤΕΧΝΙΚΑΙ ΚΑΙ ΕΠΑΓΓΕΛΜΑΤΙΚΑΙ ΣΧΟΛΑΙ
ΘΕΣΣΑΛΟΝΙΚΗΣ
ΣΧΟΛΑΙ
ΕΡΓΟΔΗΓΩΝ ΜΗΧΑΝΙΚΩΝ ΑΕΡΟΣΚΑΦΩΝ
ΣΤΕΛΕΧΩΝ ΑΕΡΟΠΟΡΙΚΩΝ ΕΠΙΧΕΙΡΗΣΕΩΝ
ΑΕΡΟΣΥΝΟΔΟΙ • ΦΡΟΝΤΙΣΤΑΙ
τὸ σωστὸ ξεκίνημα
γιὰ ἕνα
σίγουρο αὔριο
ΕΓΓΡΑΦΑΙ ΠΛΗΡΟΦΟΡΙΑΙ
ΕΡΜΟΥ 38
ΤΗΛ. 236·661
ΑΕΡΟΤΕΧΝΙΚΗ
ΤΕΧΝΙΚΑΙ ΚΑΙ ΕΠΑΓΓΕΛΜΑΤΙΚΑΙ ΣΧΟΛΑΙ
ΘΕΣΣΑΛΟΝΙΚΗΣ
ΑΝΑΓΝΩΡΙΣΜΕΝΑΙ ΥΠΟ ΤΟΥ ΚΡΑΤΟΥΣ
